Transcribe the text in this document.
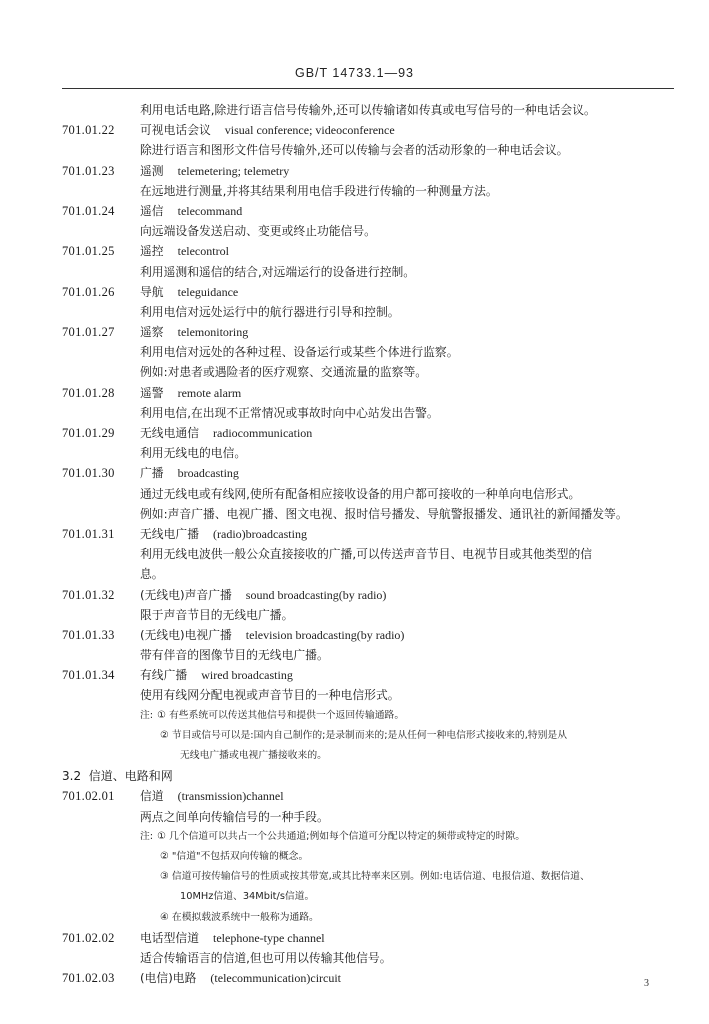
GB/T 14733.1—93
利用电话电路,除进行语言信号传输外,还可以传输诸如传真或电写信号的一种电话会议。
701.01.22 可视电话会议 visual conference; videoconference
除进行语言和图形文件信号传输外,还可以传输与会者的活动形象的一种电话会议。
701.01.23 遥测 telemetering; telemetry
在远地进行测量,并将其结果利用电信手段进行传输的一种测量方法。
701.01.24 遥信 telecommand
向远端设备发送启动、变更或终止功能信号。
701.01.25 遥控 telecontrol
利用遥测和遥信的结合,对远端运行的设备进行控制。
701.01.26 导航 teleguidance
利用电信对远处运行中的航行器进行引导和控制。
701.01.27 遥察 telemonitoring
利用电信对远处的各种过程、设备运行或某些个体进行监察。
例如:对患者或遇险者的医疗观察、交通流量的监察等。
701.01.28 遥警 remote alarm
利用电信,在出现不正常情况或事故时向中心站发出告警。
701.01.29 无线电通信 radiocommunication
利用无线电的电信。
701.01.30 广播 broadcasting
通过无线电或有线网,使所有配备相应接收设备的用户都可接收的一种单向电信形式。
例如:声音广播、电视广播、图文电视、报时信号播发、导航警报播发、通讯社的新闻播发等。
701.01.31 无线电广播 (radio)broadcasting
利用无线电波供一般公众直接接收的广播,可以传送声音节目、电视节目或其他类型的信
息。
701.01.32 (无线电)声音广播 sound broadcasting(by radio)
限于声音节目的无线电广播。
701.01.33 (无线电)电视广播 television broadcasting(by radio)
带有伴音的图像节目的无线电广播。
701.01.34 有线广播 wired broadcasting
使用有线网分配电视或声音节目的一种电信形式。
注: ① 有些系统可以传送其他信号和提供一个返回传输通路。
② 节目或信号可以是:国内自己制作的;是录制而来的;是从任何一种电信形式接收来的,特别是从
无线电广播或电视广播接收来的。
3.2 信道、电路和网
701.02.01 信道 (transmission)channel
两点之间单向传输信号的一种手段。
注: ① 几个信道可以共占一个公共通道;例如每个信道可分配以特定的频带或特定的时隙。
② "信道"不包括双向传输的概念。
③ 信道可按传输信号的性质或按其带宽,或其比特率来区别。例如:电话信道、电报信道、数据信道、
10MHz信道、34Mbit/s信道。
④ 在模拟载波系统中一般称为通路。
701.02.02 电话型信道 telephone-type channel
适合传输语言的信道,但也可用以传输其他信号。
701.02.03 (电信)电路 (telecommunication)circuit	3
